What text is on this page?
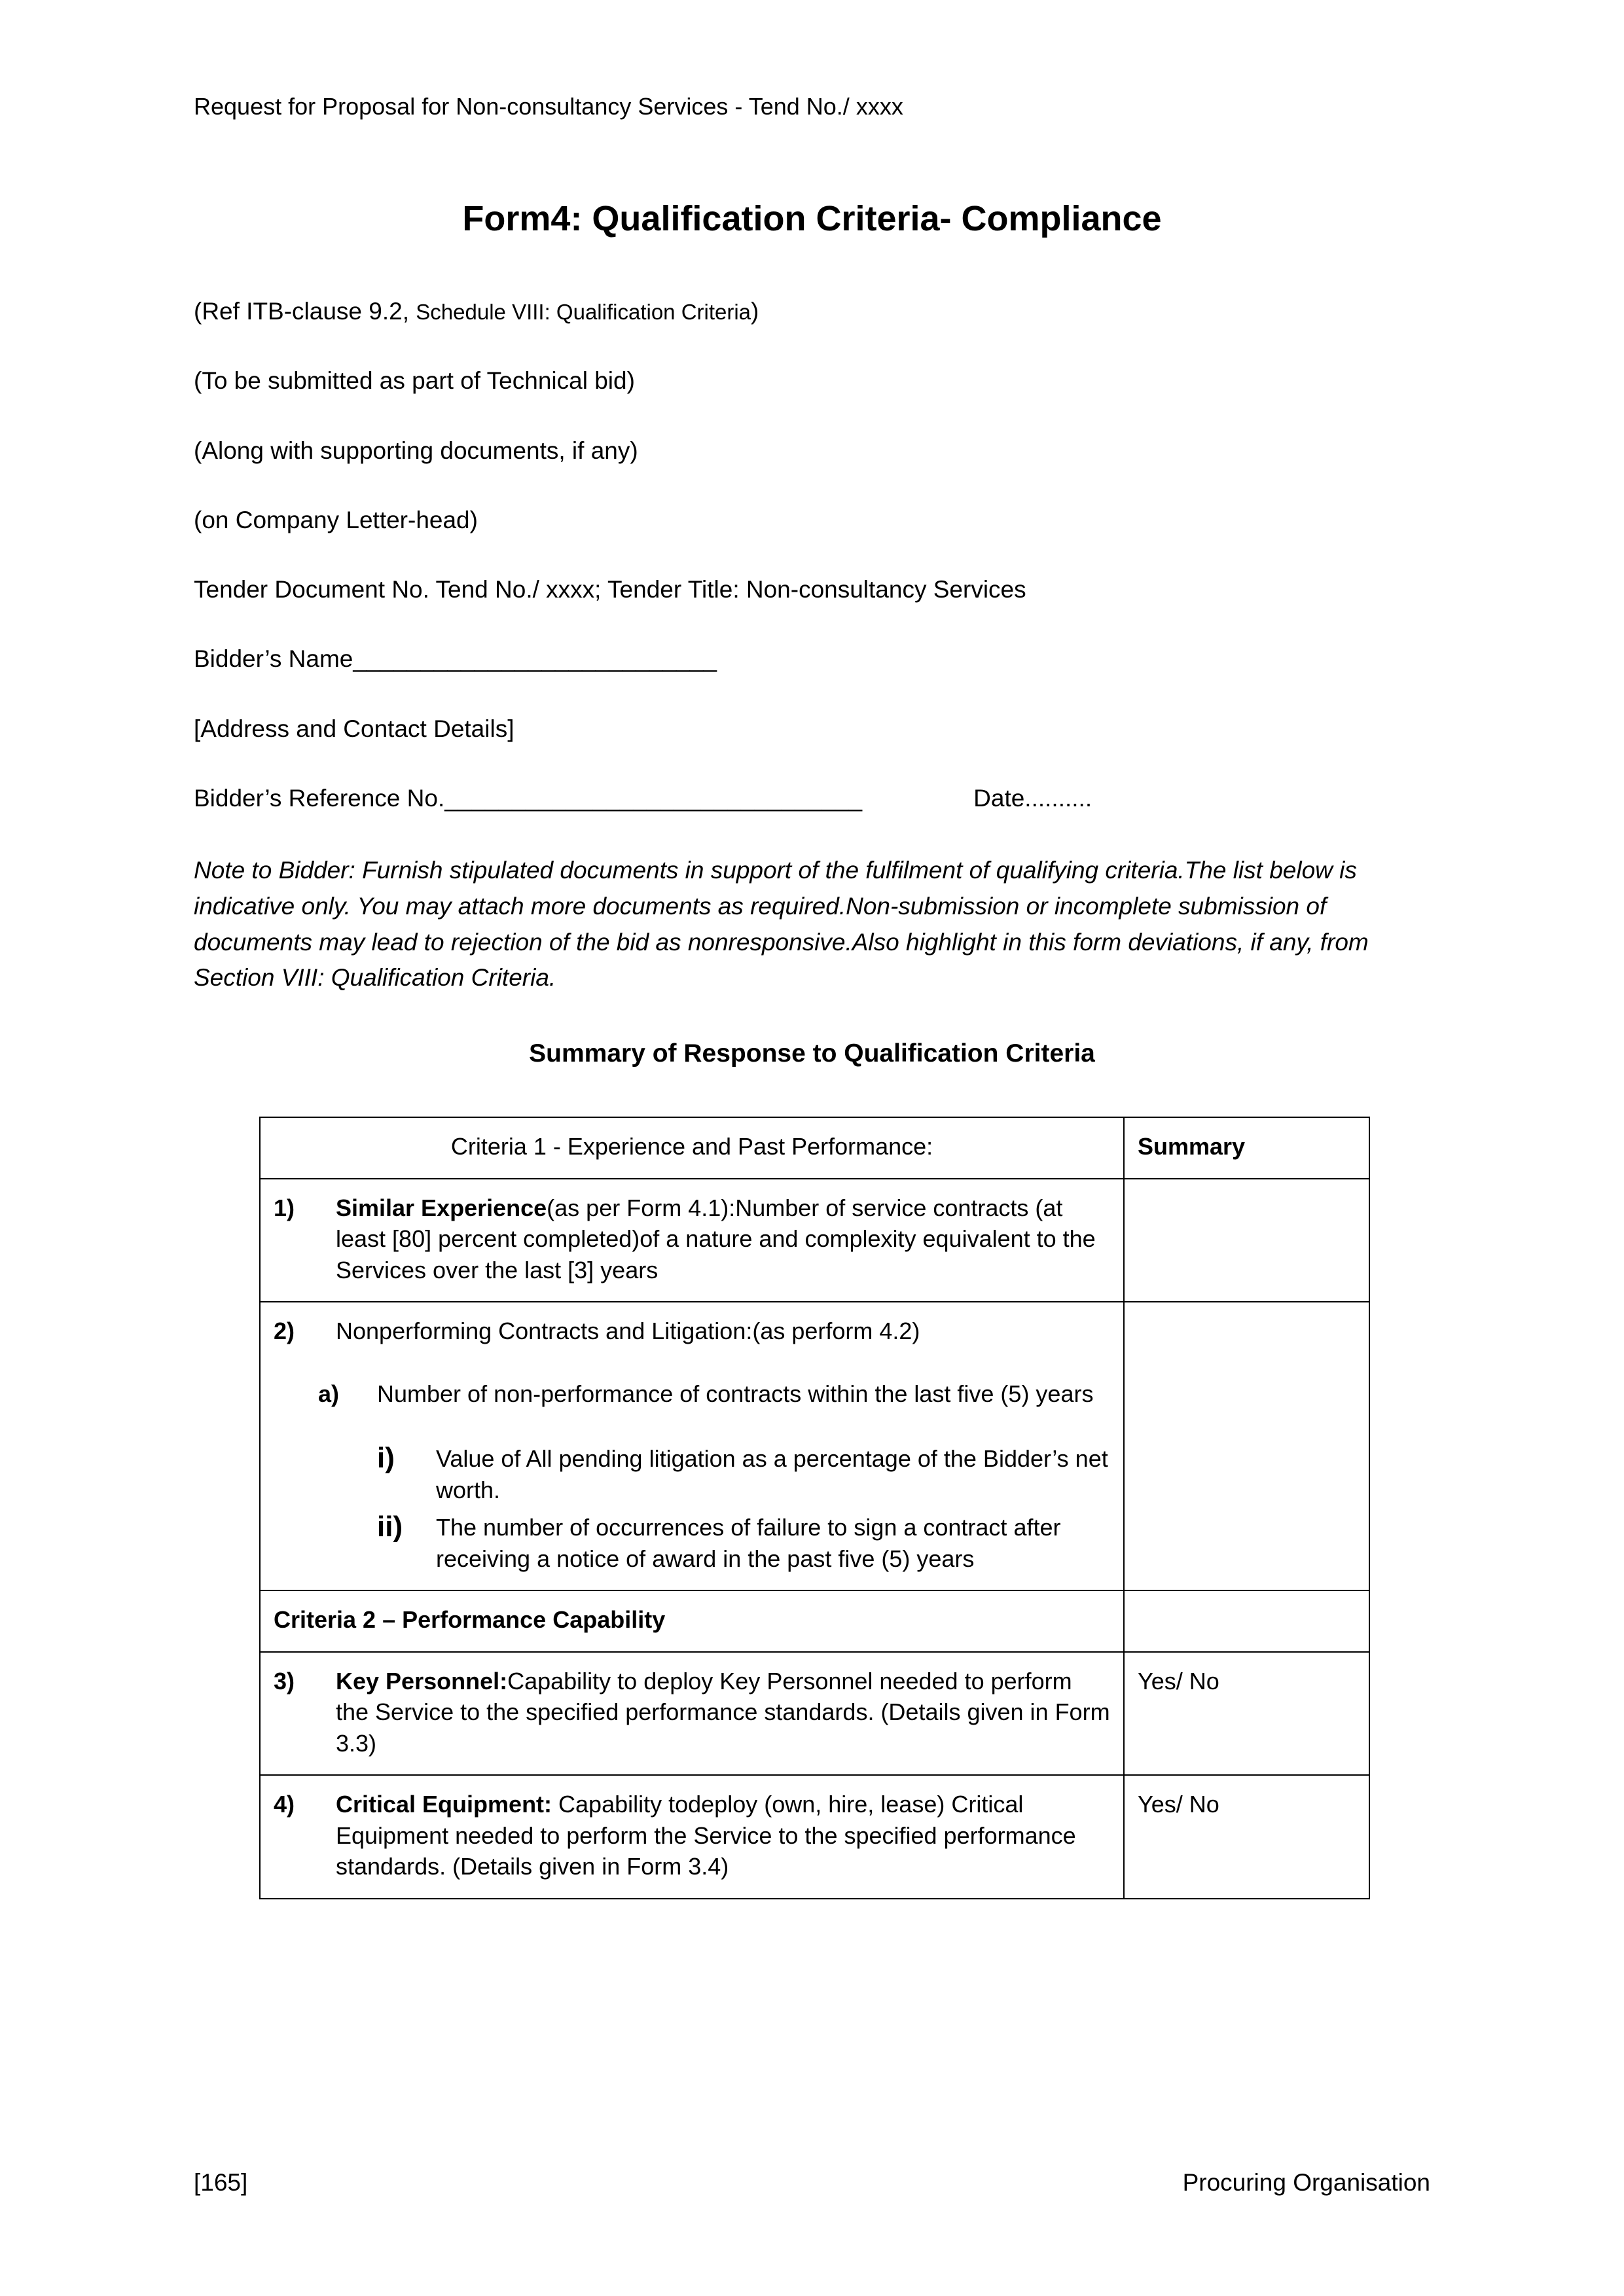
Request for Proposal for Non-consultancy Services - Tend No./ xxxx
Form4: Qualification Criteria- Compliance

(Ref ITB-clause 9.2, Schedule VIII: Qualification Criteria)

(To be submitted as part of Technical bid)

(Along with supporting documents, if any)

(on Company Letter-head)

Tender Document No. Tend No./ xxxx; Tender Title: Non-consultancy Services

Bidder’s Name___________________________

[Address and Contact Details]

Bidder’s Reference No._______________________________	Date..........

Note to Bidder: Furnish stipulated documents in support of the fulfilment of qualifying criteria.The list below is indicative only. You may attach more documents as required.Non-submission or incomplete submission of documents may lead to rejection of the bid as nonresponsive.Also highlight in this form deviations, if any, from Section VIII: Qualification Criteria.

Summary of Response to Qualification Criteria
Criteria 1 - Experience and Past Performance:	Summary

1) Similar Experience(as per Form 4.1):Number of service contracts (at least [80] percent completed)of a nature and complexity equivalent to the Services over the last [3] years	

2)	Nonperforming Contracts and Litigation:(as perform 4.2)
a)	Number of non-performance of contracts within the last five (5) years
i)	Value of All pending litigation as a percentage of the Bidder’s net worth.
ii)	The number of occurrences of failure to sign a contract after receiving a notice of award in the past five (5) years

Criteria 2 – Performance Capability	

3) Key Personnel:Capability to deploy Key Personnel needed to perform the Service to the specified performance standards. (Details given in Form 3.3)	Yes/ No

4) Critical Equipment: Capability todeploy (own, hire, lease) Critical Equipment needed to perform the Service to the specified performance standards. (Details given in Form 3.4)	Yes/ No
[165]	Procuring Organisation
